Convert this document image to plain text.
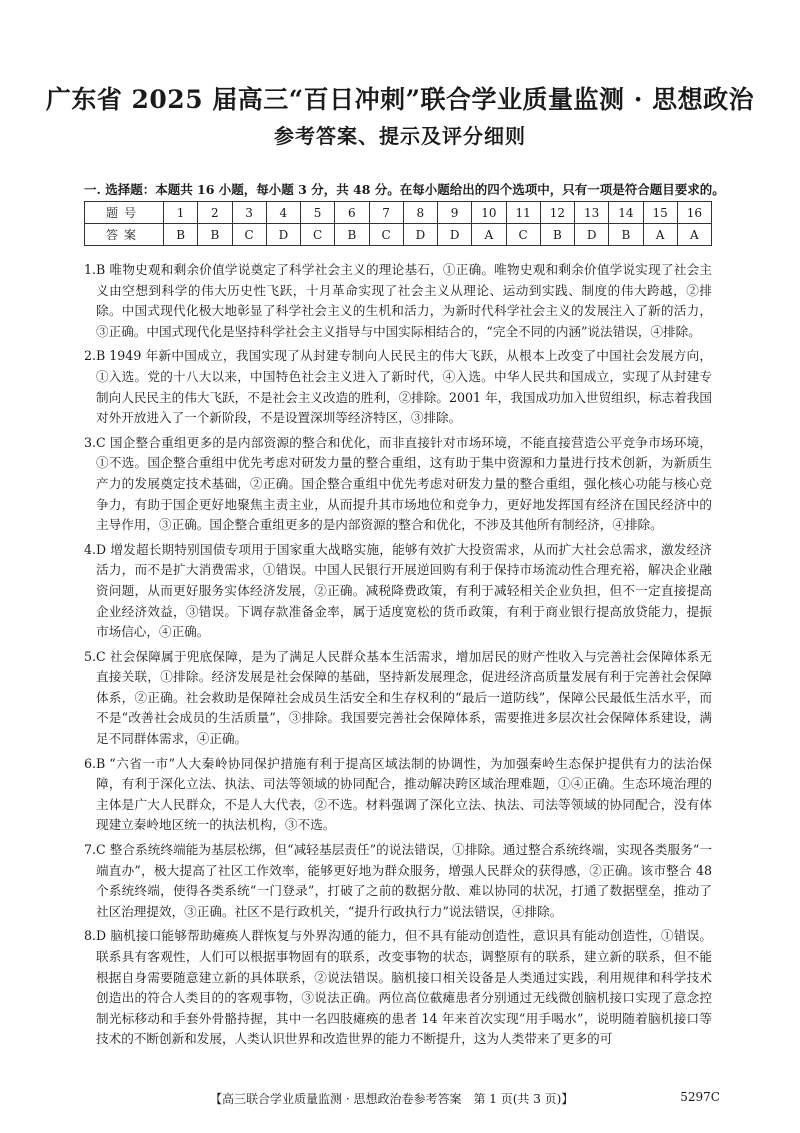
广东省 2025 届高三“百日冲刺”联合学业质量监测 · 思想政治
参考答案、提示及评分细则
一. 选择题：本题共 16 小题，每小题 3 分，共 48 分。在每小题给出的四个选项中，只有一项是符合题目要求的。
题号	1	2	3	4	5	6	7	8	9	10	11	12	13	14	15	16
答案	B	B	C	D	C	B	C	D	D	A	C	B	D	B	A	A

1.B 唯物史观和剩余价值学说奠定了科学社会主义的理论基石，①正确。唯物史观和剩余价值学说实现了社会主义由空想到科学的伟大历史性飞跃，十月革命实现了社会主义从理论、运动到实践、制度的伟大跨越，②排除。中国式现代化极大地彰显了科学社会主义的生机和活力，为新时代科学社会主义的发展注入了新的活力，③正确。中国式现代化是坚持科学社会主义指导与中国实际相结合的，“完全不同的内涵”说法错误，④排除。

2.B 1949 年新中国成立，我国实现了从封建专制向人民民主的伟大飞跃，从根本上改变了中国社会发展方向，①入选。党的十八大以来，中国特色社会主义进入了新时代，④入选。中华人民共和国成立，实现了从封建专制向人民民主的伟大飞跃，不是社会主义改造的胜利，②排除。2001 年，我国成功加入世贸组织，标志着我国对外开放进入了一个新阶段，不是设置深圳等经济特区，③排除。

3.C 国企整合重组更多的是内部资源的整合和优化，而非直接针对市场环境，不能直接营造公平竞争市场环境，①不选。国企整合重组中优先考虑对研发力量的整合重组，这有助于集中资源和力量进行技术创新，为新质生产力的发展奠定技术基础，②正确。国企整合重组中优先考虑对研发力量的整合重组，强化核心功能与核心竞争力，有助于国企更好地聚焦主责主业，从而提升其市场地位和竞争力，更好地发挥国有经济在国民经济中的主导作用，③正确。国企整合重组更多的是内部资源的整合和优化，不涉及其他所有制经济，④排除。

4.D 增发超长期特别国债专项用于国家重大战略实施，能够有效扩大投资需求，从而扩大社会总需求，激发经济活力，而不是扩大消费需求，①错误。中国人民银行开展逆回购有利于保持市场流动性合理充裕，解决企业融资问题，从而更好服务实体经济发展，②正确。减税降费政策，有利于减轻相关企业负担，但不一定直接提高企业经济效益，③错误。下调存款准备金率，属于适度宽松的货币政策，有利于商业银行提高放贷能力，提振市场信心，④正确。

5.C 社会保障属于兜底保障，是为了满足人民群众基本生活需求，增加居民的财产性收入与完善社会保障体系无直接关联，①排除。经济发展是社会保障的基础，坚持新发展理念，促进经济高质量发展有利于完善社会保障体系，②正确。社会救助是保障社会成员生活安全和生存权利的“最后一道防线”，保障公民最低生活水平，而不是“改善社会成员的生活质量”，③排除。我国要完善社会保障体系，需要推进多层次社会保障体系建设，满足不同群体需求，④正确。

6.B “六省一市”人大秦岭协同保护措施有利于提高区域法制的协调性，为加强秦岭生态保护提供有力的法治保障，有利于深化立法、执法、司法等领域的协同配合，推动解决跨区域治理难题，①④正确。生态环境治理的主体是广大人民群众，不是人大代表，②不选。材料强调了深化立法、执法、司法等领域的协同配合，没有体现建立秦岭地区统一的执法机构，③不选。

7.C 整合系统终端能为基层松绑，但“减轻基层责任”的说法错误，①排除。通过整合系统终端，实现各类服务“一端直办”，极大提高了社区工作效率，能够更好地为群众服务，增强人民群众的获得感，②正确。该市整合 48 个系统终端，使得各类系统“一门登录”，打破了之前的数据分散、难以协同的状况，打通了数据壁垒，推动了社区治理提效，③正确。社区不是行政机关，“提升行政执行力”说法错误，④排除。

8.D 脑机接口能够帮助瘫痪人群恢复与外界沟通的能力，但不具有能动创造性，意识具有能动创造性，①错误。联系具有客观性，人们可以根据事物固有的联系，改变事物的状态，调整原有的联系，建立新的联系，但不能根据自身需要随意建立新的具体联系，②说法错误。脑机接口相关设备是人类通过实践，利用规律和科学技术创造出的符合人类目的的客观事物，③说法正确。两位高位截瘫患者分别通过无线微创脑机接口实现了意念控制光标移动和手套外骨骼持握，其中一名四肢瘫痪的患者 14 年来首次实现“用手喝水”，说明随着脑机接口等技术的不断创新和发展，人类认识世界和改造世界的能力不断提升，这为人类带来了更多的可

【高三联合学业质量监测 · 思想政治卷参考答案　第 1 页(共 3 页)】	5297C
